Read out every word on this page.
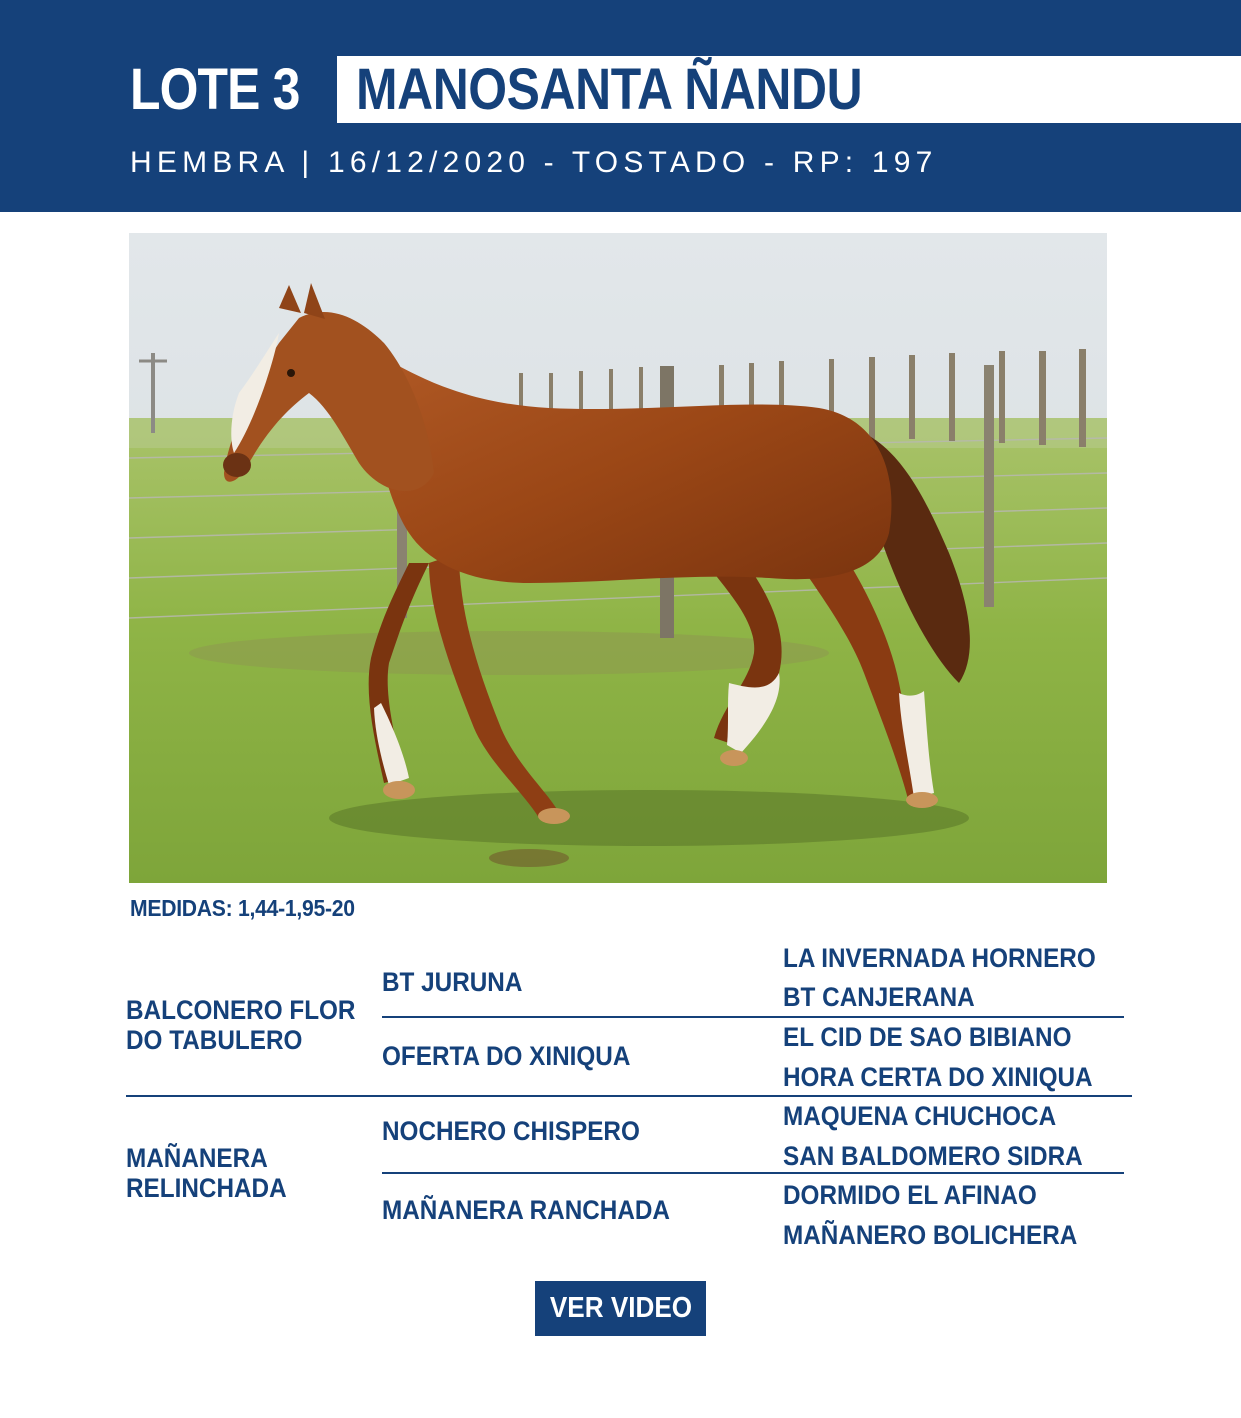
LOTE 3 MANOSANTA ÑANDU
HEMBRA | 16/12/2020 - TOSTADO - RP: 197
MEDIDAS: 1,44-1,95-20
BALCONERO FLOR
DO TABULERO
MAÑANERA
RELINCHADA
BT JURUNA
OFERTA DO XINIQUA
NOCHERO CHISPERO
MAÑANERA RANCHADA
LA INVERNADA HORNERO
BT CANJERANA
EL CID DE SAO BIBIANO
HORA CERTA DO XINIQUA
MAQUENA CHUCHOCA
SAN BALDOMERO SIDRA
DORMIDO EL AFINAO
MAÑANERO BOLICHERA
VER VIDEO
